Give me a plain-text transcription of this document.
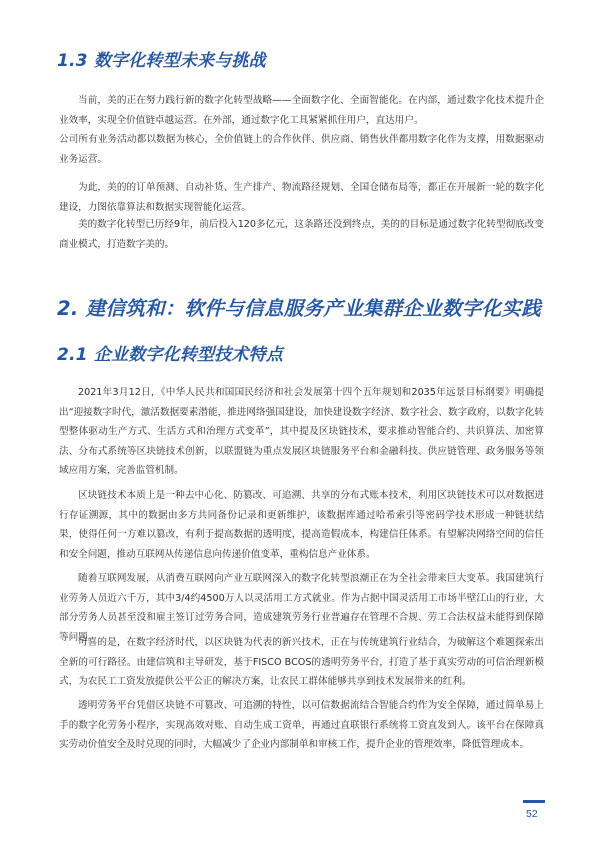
1.3 数字化转型未来与挑战
当前，美的正在努力践行新的数字化转型战略——全面数字化、全面智能化。在内部，通过数字化技术提升企业效率，实现全价值链卓越运营。在外部，通过数字化工具紧紧抓住用户，直达用户。
公司所有业务活动都以数据为核心，全价值链上的合作伙伴、供应商、销售伙伴都用数字化作为支撑，用数据驱动业务运营。
为此，美的的订单预测、自动补货、生产排产、物流路径规划、全国仓储布局等，都正在开展新一轮的数字化建设，力图依靠算法和数据实现智能化运营。
美的数字化转型已历经9年，前后投入120多亿元，这条路还没到终点，美的的目标是通过数字化转型彻底改变商业模式，打造数字美的。
2. 建信筑和：软件与信息服务产业集群企业数字化实践
2.1 企业数字化转型技术特点
2021年3月12日，《中华人民共和国国民经济和社会发展第十四个五年规划和2035年远景目标纲要》明确提出“迎接数字时代，激活数据要素潜能，推进网络强国建设，加快建设数字经济、数字社会、数字政府，以数字化转型整体驱动生产方式、生活方式和治理方式变革”，其中提及区块链技术，要求推动智能合约、共识算法、加密算法、分布式系统等区块链技术创新，以联盟链为重点发展区块链服务平台和金融科技、供应链管理、政务服务等领域应用方案，完善监管机制。
区块链技术本质上是一种去中心化、防篡改、可追溯、共享的分布式账本技术，利用区块链技术可以对数据进行存证溯源，其中的数据由多方共同备份记录和更新维护，该数据库通过哈希索引等密码学技术形成一种链状结果，使得任何一方难以篡改，有利于提高数据的透明度，提高造假成本，构建信任体系。有望解决网络空间的信任和安全问题，推动互联网从传递信息向传递价值变革，重构信息产业体系。
随着互联网发展，从消费互联网向产业互联网深入的数字化转型浪潮正在为全社会带来巨大变革。我国建筑行业劳务人员近六千万，其中3/4约4500万人以灵活用工方式就业。作为占据中国灵活用工市场半壁江山的行业，大部分劳务人员甚至没和雇主签订过劳务合同，造成建筑劳务行业普遍存在管理不合规、劳工合法权益未能得到保障等问题。
可喜的是，在数字经济时代，以区块链为代表的新兴技术，正在与传统建筑行业结合，为破解这个难题探索出全新的可行路径。由建信筑和主导研发，基于FISCO BCOS的透明劳务平台，打造了基于真实劳动的可信治理新模式，为农民工工资发放提供公平公正的解决方案，让农民工群体能够共享到技术发展带来的红利。
透明劳务平台凭借区块链不可篡改、可追溯的特性，以可信数据流结合智能合约作为安全保障，通过简单易上手的数字化劳务小程序，实现高效对账、自动生成工资单，再通过直联银行系统将工资直发到人。该平台在保障真实劳动价值安全及时兑现的同时，大幅减少了企业内部制单和审核工作，提升企业的管理效率，降低管理成本。
52
